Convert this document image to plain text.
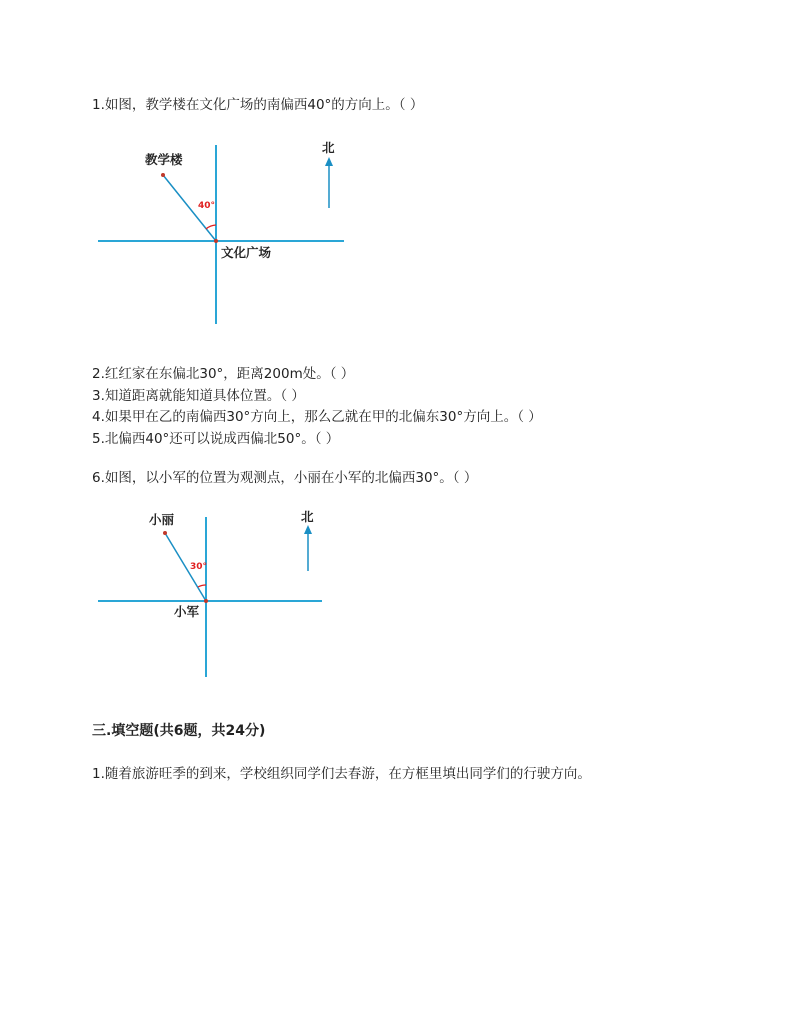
1.如图，教学楼在文化广场的南偏西40°的方向上。（ ）
40°
教学楼
文化广场
北
2.红红家在东偏北30°，距离200m处。（ ）
3.知道距离就能知道具体位置。（ ）
4.如果甲在乙的南偏西30°方向上，那么乙就在甲的北偏东30°方向上。（ ）
5.北偏西40°还可以说成西偏北50°。（ ）
6.如图，以小军的位置为观测点，小丽在小军的北偏西30°。（ ）
30°
小丽
小军
北
三.填空题(共6题，共24分)
1.随着旅游旺季的到来，学校组织同学们去春游，在方框里填出同学们的行驶方向。
